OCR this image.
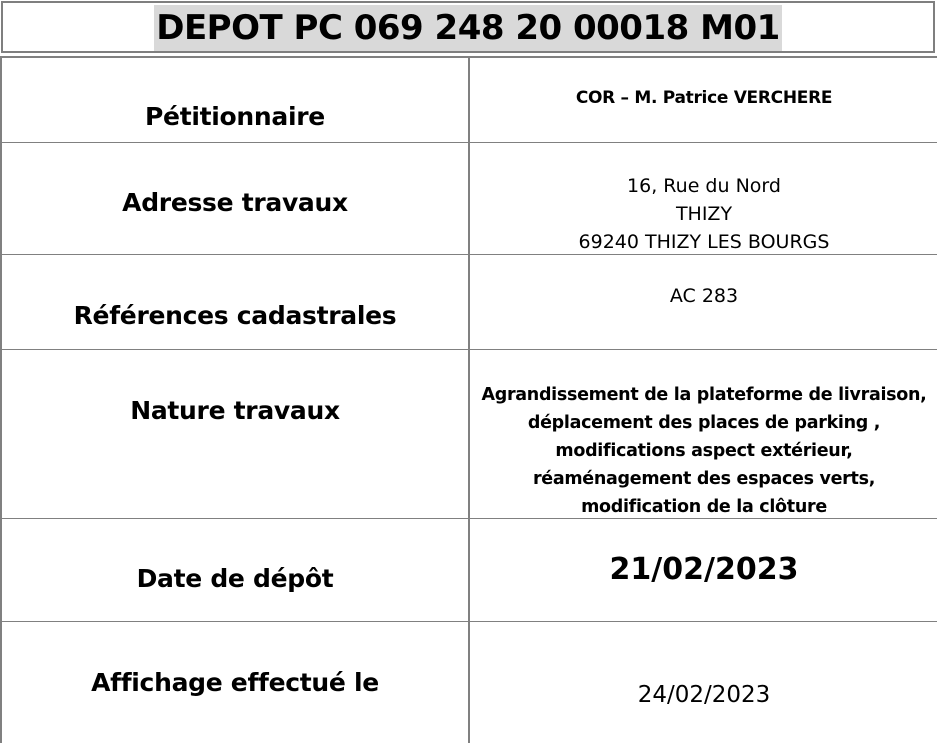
DEPOT PC 069 248 20 00018 M01
Pétitionnaire
COR – M. Patrice VERCHERE
Adresse travaux
16, Rue du Nord
THIZY
69240 THIZY LES BOURGS
Références cadastrales
AC 283
Nature travaux
Agrandissement de la plateforme de livraison,
déplacement des places de parking ,
modifications aspect extérieur,
réaménagement des espaces verts,
modification de la clôture
Date de dépôt	21/02/2023
Affichage effectué le	24/02/2023
